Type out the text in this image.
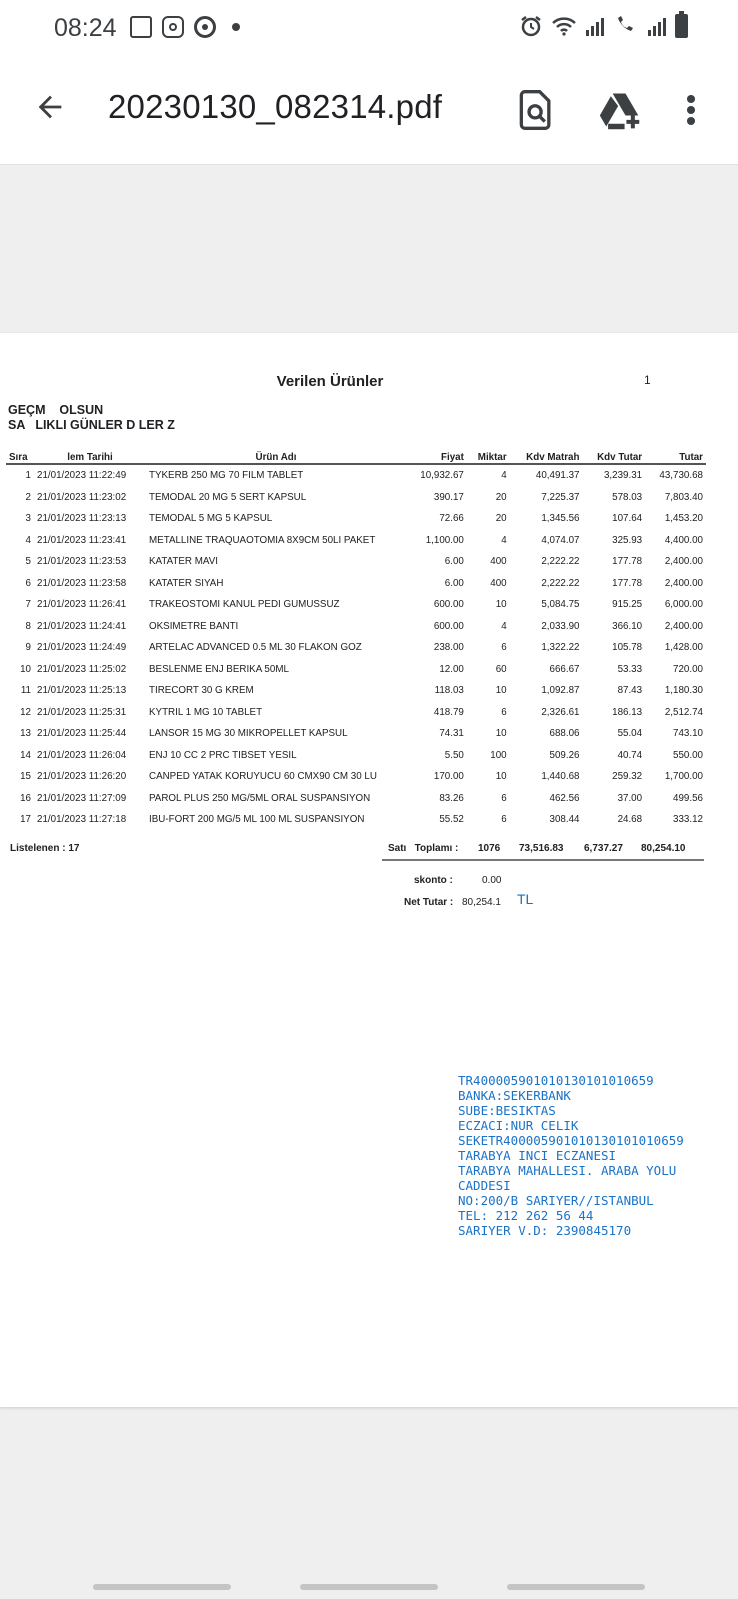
08:24
20230130_082314.pdf
Verilen Ürünler	1
GEÇM    OLSUN
SA   LIKLI GÜNLER D LER Z
Sıra	lem Tarihi	Ürün Adı	Fiyat	Miktar	Kdv Matrah	Kdv Tutar	Tutar
1	21/01/2023 11:22:49	TYKERB 250 MG 70 FILM TABLET	10,932.67	4	40,491.37	3,239.31	43,730.68
2	21/01/2023 11:23:02	TEMODAL 20 MG 5 SERT KAPSUL	390.17	20	7,225.37	578.03	7,803.40
3	21/01/2023 11:23:13	TEMODAL 5 MG 5 KAPSUL	72.66	20	1,345.56	107.64	1,453.20
4	21/01/2023 11:23:41	METALLINE TRAQUAOTOMIA 8X9CM 50LI PAKET	1,100.00	4	4,074.07	325.93	4,400.00
5	21/01/2023 11:23:53	KATATER MAVI	6.00	400	2,222.22	177.78	2,400.00
6	21/01/2023 11:23:58	KATATER SIYAH	6.00	400	2,222.22	177.78	2,400.00
7	21/01/2023 11:26:41	TRAKEOSTOMI KANUL PEDI GUMUSSUZ	600.00	10	5,084.75	915.25	6,000.00
8	21/01/2023 11:24:41	OKSIMETRE BANTI	600.00	4	2,033.90	366.10	2,400.00
9	21/01/2023 11:24:49	ARTELAC ADVANCED 0.5 ML 30 FLAKON GOZ	238.00	6	1,322.22	105.78	1,428.00
10	21/01/2023 11:25:02	BESLENME ENJ BERIKA 50ML	12.00	60	666.67	53.33	720.00
11	21/01/2023 11:25:13	TIRECORT 30 G KREM	118.03	10	1,092.87	87.43	1,180.30
12	21/01/2023 11:25:31	KYTRIL 1 MG 10 TABLET	418.79	6	2,326.61	186.13	2,512.74
13	21/01/2023 11:25:44	LANSOR 15 MG 30 MIKROPELLET KAPSUL	74.31	10	688.06	55.04	743.10
14	21/01/2023 11:26:04	ENJ 10 CC 2 PRC TIBSET YESIL	5.50	100	509.26	40.74	550.00
15	21/01/2023 11:26:20	CANPED YATAK KORUYUCU 60 CMX90 CM 30 LU	170.00	10	1,440.68	259.32	1,700.00
16	21/01/2023 11:27:09	PAROL PLUS 250 MG/5ML ORAL SUSPANSIYON	83.26	6	462.56	37.00	499.56
17	21/01/2023 11:27:18	IBU-FORT 200 MG/5 ML 100 ML SUSPANSIYON	55.52	6	308.44	24.68	333.12
Listelenen : 17	Satı   Toplamı : 1076 73,516.83 6,737.27 80,254.10
skonto :	0.00
Net Tutar : 80,254.1 TL
TR400005901010130101010659
BANKA:SEKERBANK
SUBE:BESIKTAS
ECZACI:NUR CELIK
SEKETR400005901010130101010659
TARABYA INCI ECZANESI
TARABYA MAHALLESI. ARABA YOLU
CADDESI
NO:200/B SARIYER//ISTANBUL
TEL: 212 262 56 44
SARIYER V.D: 2390845170
